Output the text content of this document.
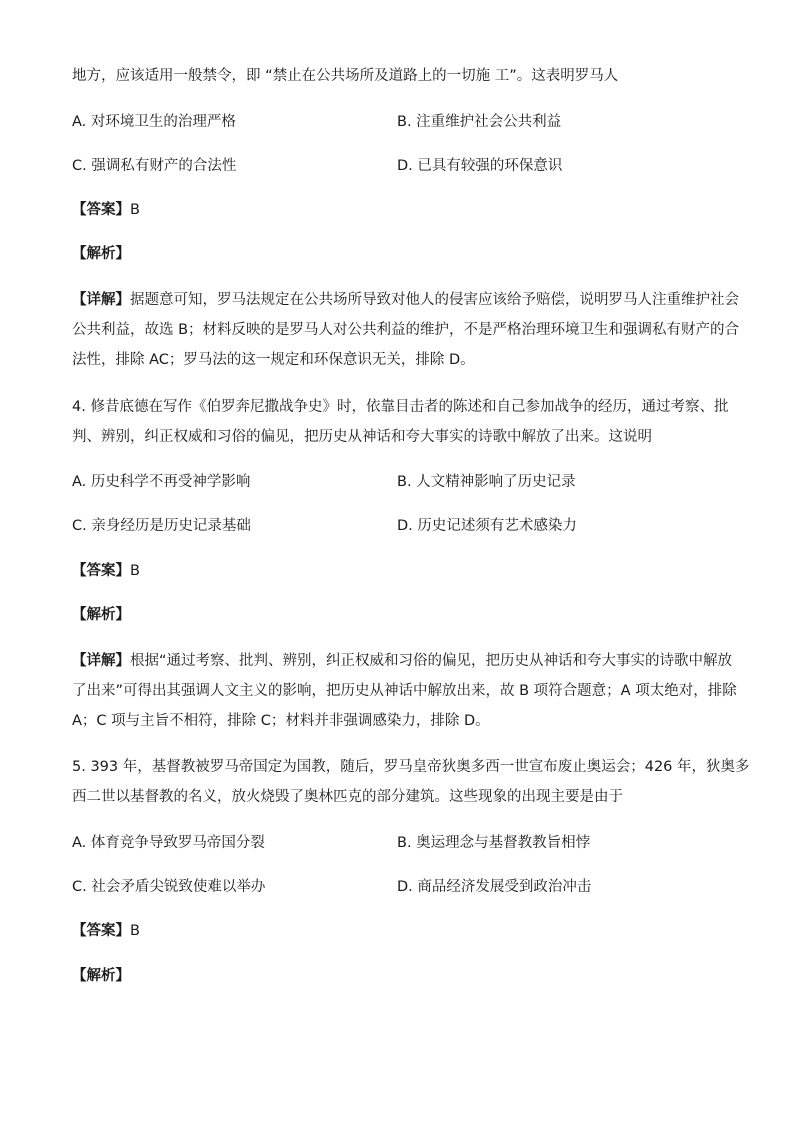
地方，应该适用一般禁令，即 “禁止在公共场所及道路上的一切施 工”。这表明罗马人
A. 对环境卫生的治理严格	B. 注重维护社会公共利益
C. 强调私有财产的合法性	D. 已具有较强的环保意识
【答案】B
【解析】
【详解】据题意可知，罗马法规定在公共场所导致对他人的侵害应该给予赔偿，说明罗马人注重维护社会
公共利益，故选 B；材料反映的是罗马人对公共利益的维护，不是严格治理环境卫生和强调私有财产的合
法性，排除 AC；罗马法的这一规定和环保意识无关，排除 D。
4. 修昔底德在写作《伯罗奔尼撒战争史》时，依靠目击者的陈述和自己参加战争的经历，通过考察、批
判、辨别，纠正权威和习俗的偏见，把历史从神话和夸大事实的诗歌中解放了出来。这说明
A. 历史科学不再受神学影响	B. 人文精神影响了历史记录
C. 亲身经历是历史记录基础	D. 历史记述须有艺术感染力
【答案】B
【解析】
【详解】根据“通过考察、批判、辨别，纠正权威和习俗的偏见，把历史从神话和夸大事实的诗歌中解放
了出来”可得出其强调人文主义的影响，把历史从神话中解放出来，故 B 项符合题意；A 项太绝对，排除
A；C 项与主旨不相符，排除 C；材料并非强调感染力，排除 D。
5. 393 年，基督教被罗马帝国定为国教，随后，罗马皇帝狄奥多西一世宣布废止奥运会；426 年，狄奥多
西二世以基督教的名义，放火烧毁了奥林匹克的部分建筑。这些现象的出现主要是由于
A. 体育竞争导致罗马帝国分裂	B. 奥运理念与基督教教旨相悖
C. 社会矛盾尖锐致使难以举办	D. 商品经济发展受到政治冲击
【答案】B
【解析】
